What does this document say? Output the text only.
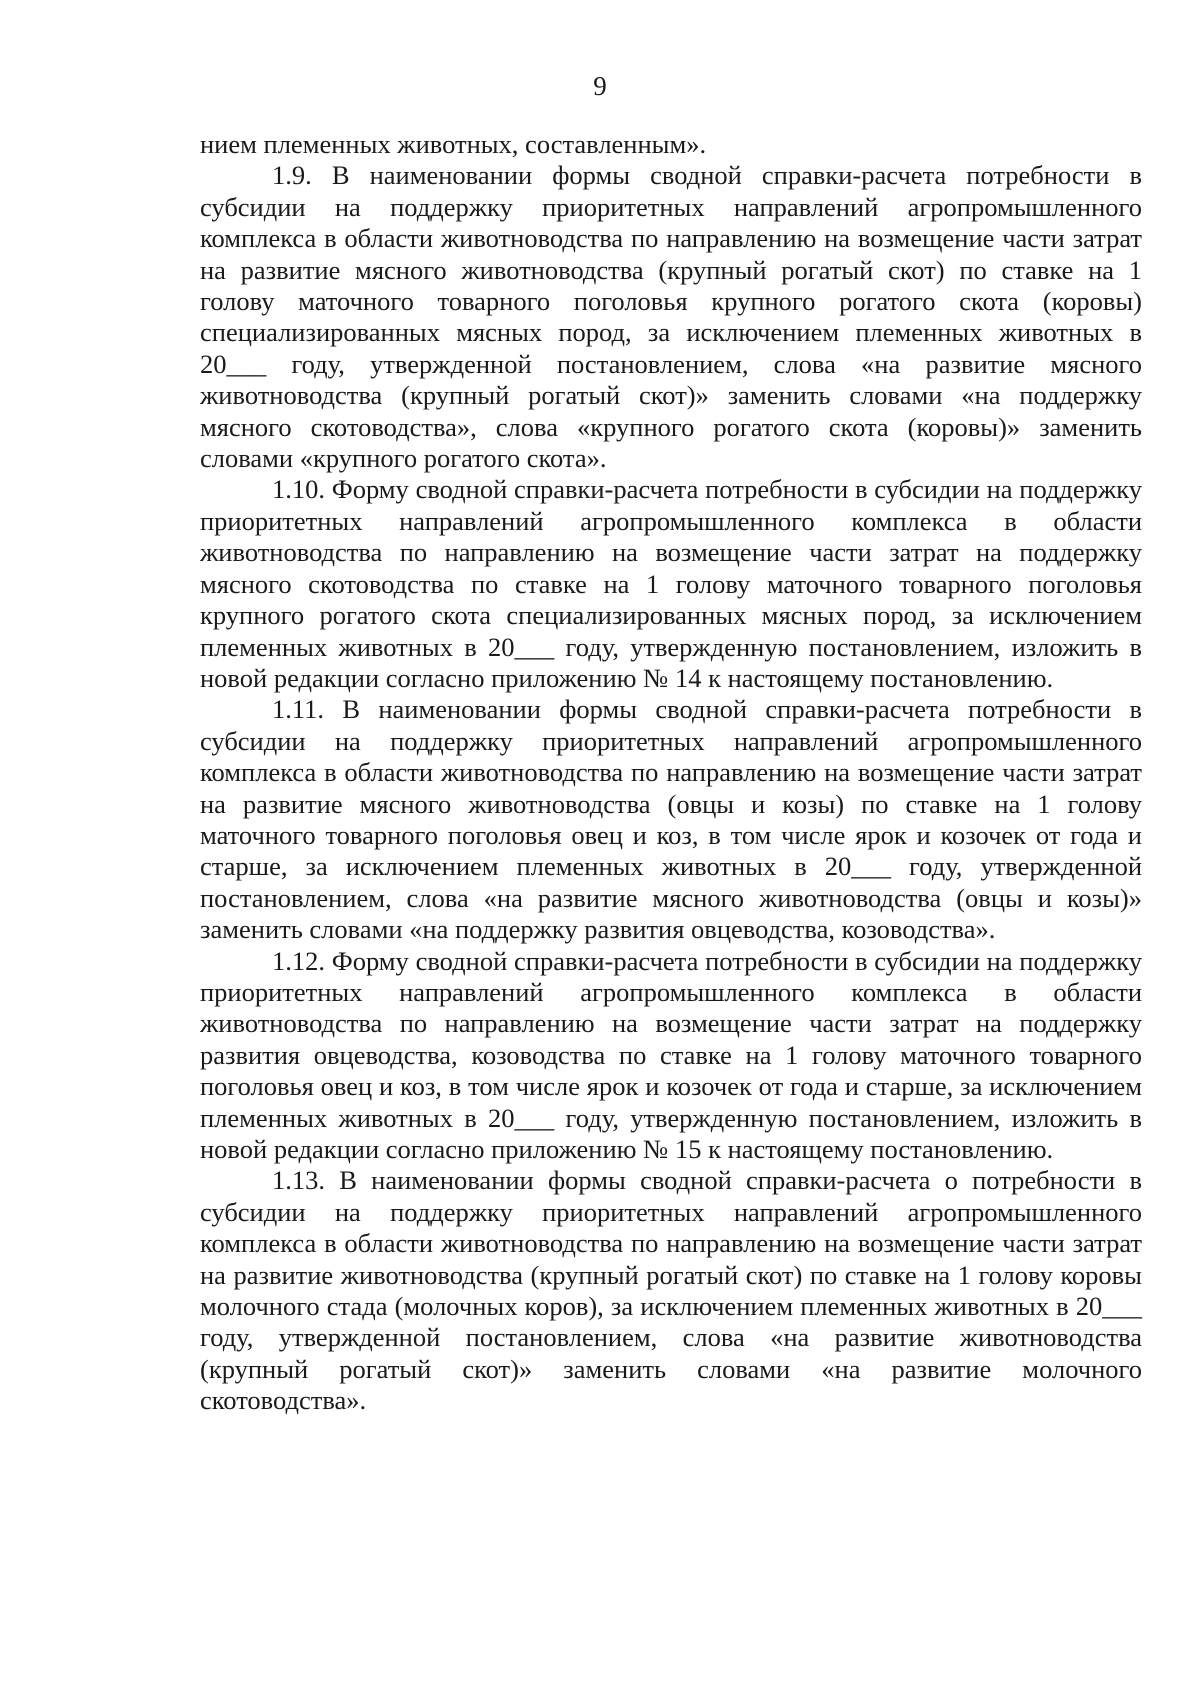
9

нием племенных животных, составленным».

1.9. В наименовании формы сводной справки-расчета потребности в субсидии на поддержку приоритетных направлений агропромышленного комплекса в области животноводства по направлению на возмещение части затрат на развитие мясного животноводства (крупный рогатый скот) по ставке на 1 голову маточного товарного поголовья крупного рогатого скота (коровы) специализированных мясных пород, за исключением племенных животных в 20___ году, утвержденной постановлением, слова «на развитие мясного животноводства (крупный рогатый скот)» заменить словами «на поддержку мясного скотоводства», слова «крупного рогатого скота (коровы)» заменить словами «крупного рогатого скота».

1.10. Форму сводной справки-расчета потребности в субсидии на поддержку приоритетных направлений агропромышленного комплекса в области животноводства по направлению на возмещение части затрат на поддержку мясного скотоводства по ставке на 1 голову маточного товарного поголовья крупного рогатого скота специализированных мясных пород, за исключением племенных животных в 20___ году, утвержденную постановлением, изложить в новой редакции согласно приложению № 14 к настоящему постановлению.

1.11. В наименовании формы сводной справки-расчета потребности в субсидии на поддержку приоритетных направлений агропромышленного комплекса в области животноводства по направлению на возмещение части затрат на развитие мясного животноводства (овцы и козы) по ставке на 1 голову маточного товарного поголовья овец и коз, в том числе ярок и козочек от года и старше, за исключением племенных животных в 20___ году, утвержденной постановлением, слова «на развитие мясного животноводства (овцы и козы)» заменить словами «на поддержку развития овцеводства, козоводства».

1.12. Форму сводной справки-расчета потребности в субсидии на поддержку приоритетных направлений агропромышленного комплекса в области животноводства по направлению на возмещение части затрат на поддержку развития овцеводства, козоводства по ставке на 1 голову маточного товарного поголовья овец и коз, в том числе ярок и козочек от года и старше, за исключением племенных животных в 20___ году, утвержденную постановлением, изложить в новой редакции согласно приложению № 15 к настоящему постановлению.

1.13. В наименовании формы сводной справки-расчета о потребности в субсидии на поддержку приоритетных направлений агропромышленного комплекса в области животноводства по направлению на возмещение части затрат на развитие животноводства (крупный рогатый скот) по ставке на 1 голову коровы молочного стада (молочных коров), за исключением племенных животных в 20___ году, утвержденной постановлением, слова «на развитие животноводства (крупный рогатый скот)» заменить словами «на развитие молочного скотоводства».
